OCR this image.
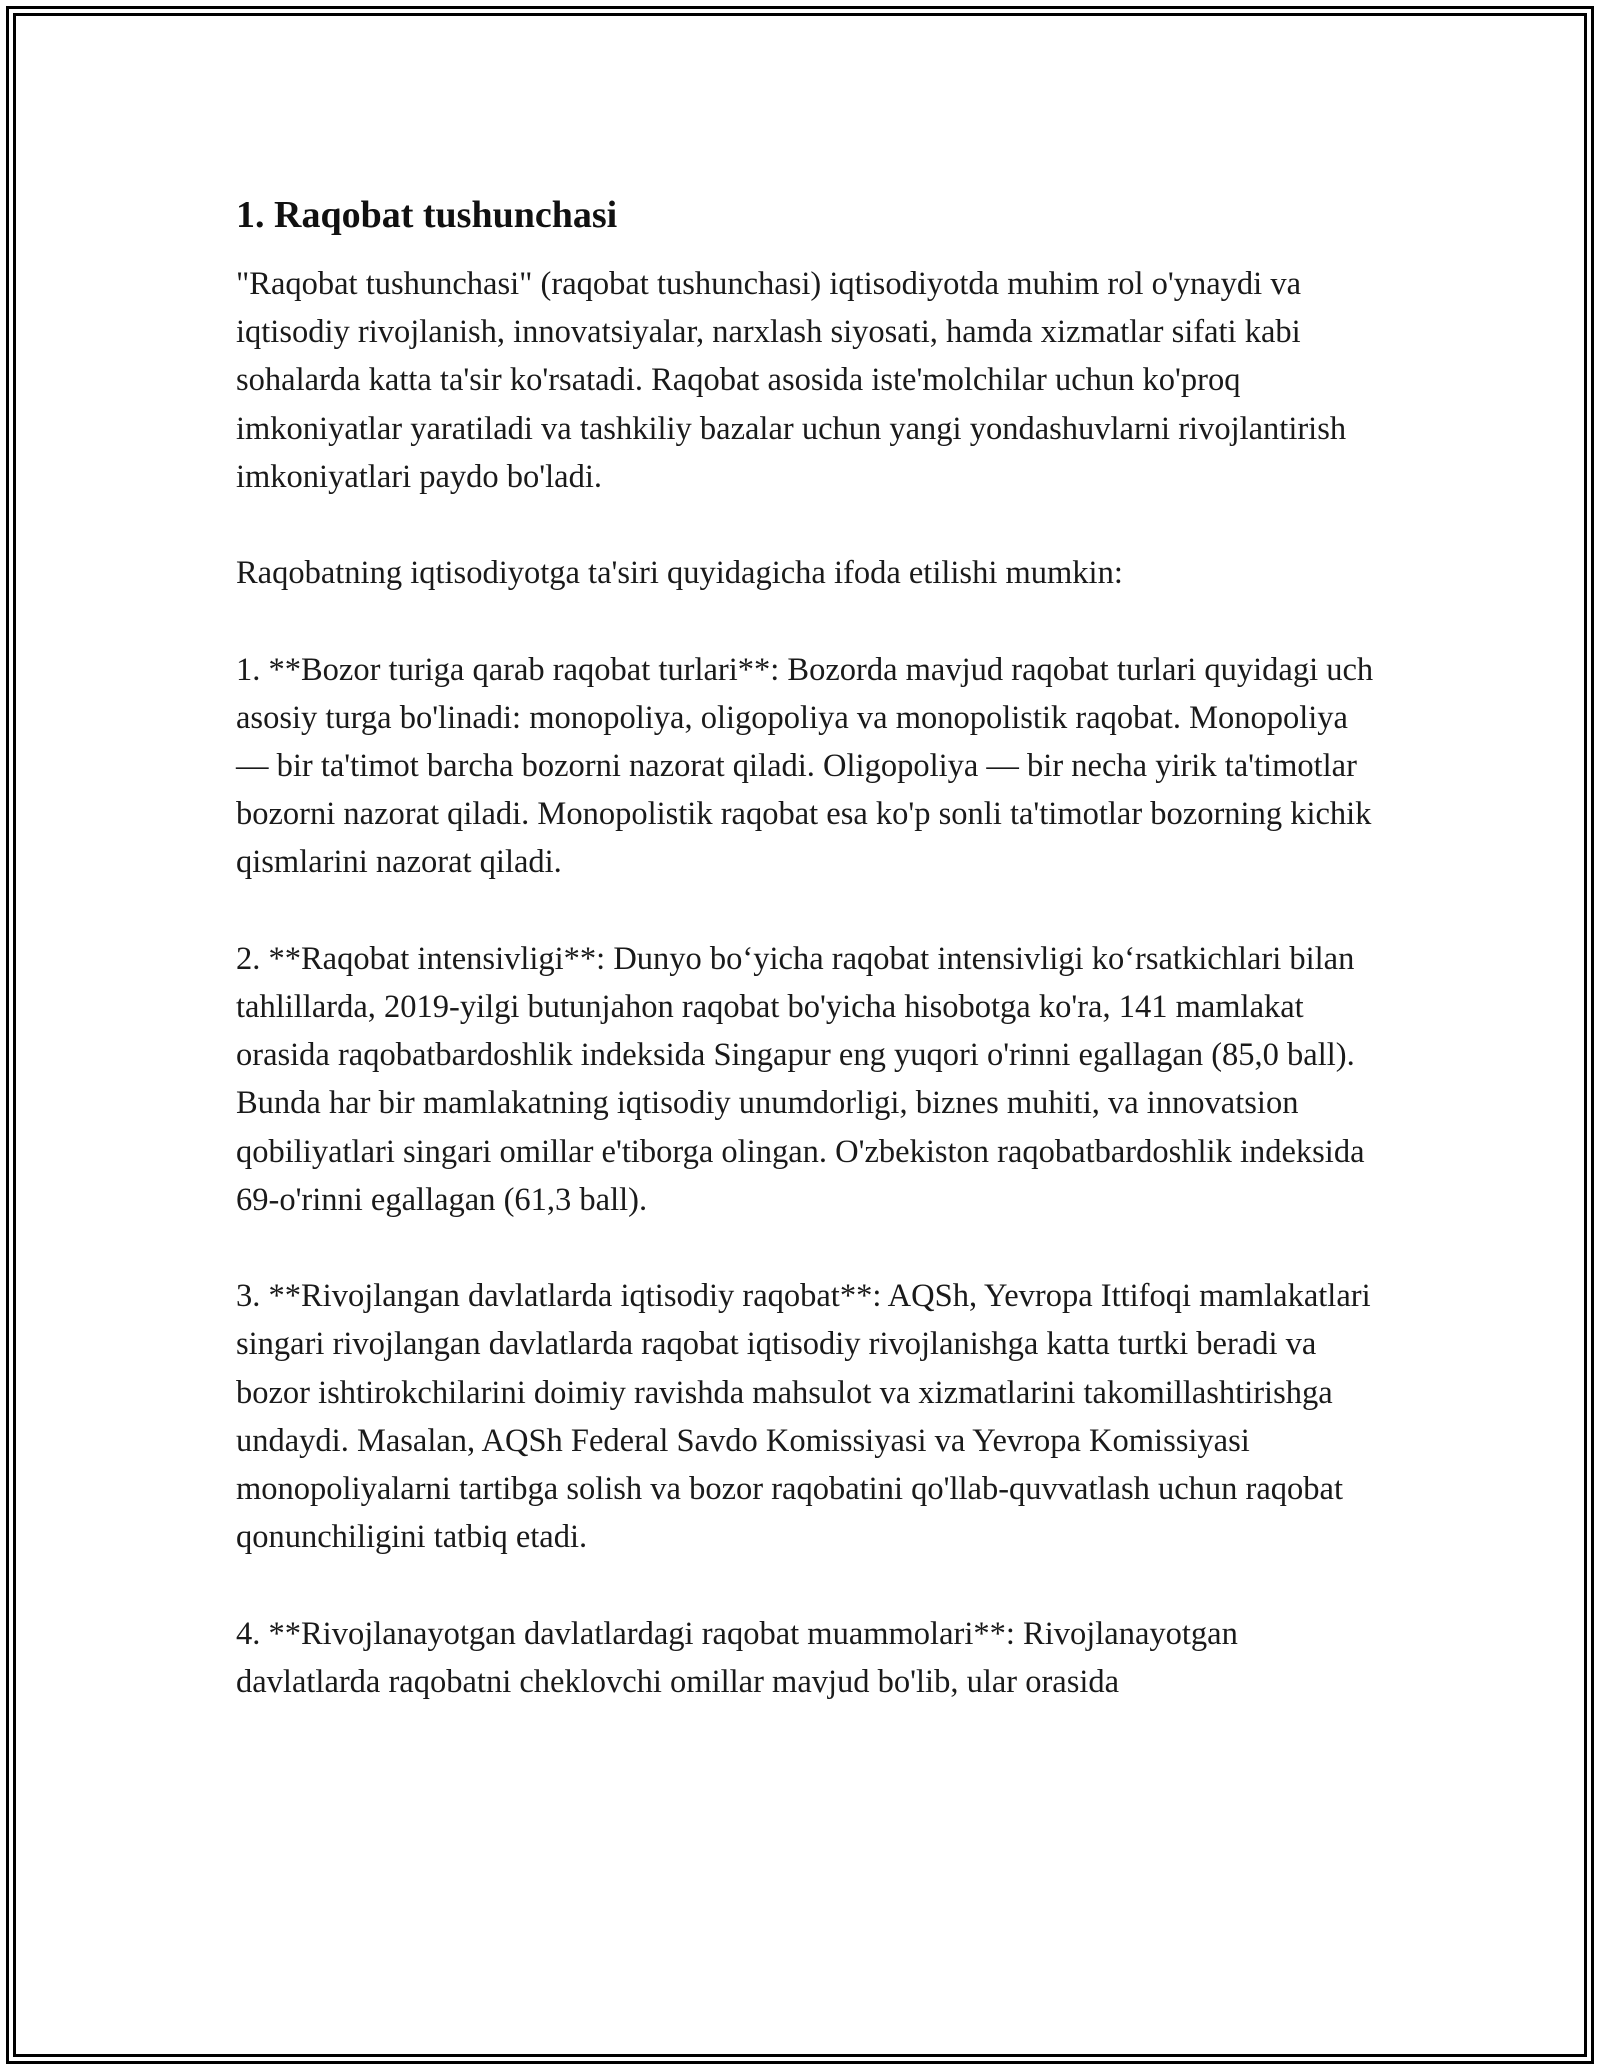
1. Raqobat tushunchasi

"Raqobat tushunchasi" (raqobat tushunchasi) iqtisodiyotda muhim rol o'ynaydi va iqtisodiy rivojlanish, innovatsiyalar, narxlash siyosati, hamda xizmatlar sifati kabi sohalarda katta ta'sir ko'rsatadi. Raqobat asosida iste'molchilar uchun ko'proq imkoniyatlar yaratiladi va tashkiliy bazalar uchun yangi yondashuvlarni rivojlantirish imkoniyatlari paydo bo'ladi.

Raqobatning iqtisodiyotga ta'siri quyidagicha ifoda etilishi mumkin:

1. **Bozor turiga qarab raqobat turlari**: Bozorda mavjud raqobat turlari quyidagi uch asosiy turga bo'linadi: monopoliya, oligopoliya va monopolistik raqobat. Monopoliya — bir ta'timot barcha bozorni nazorat qiladi. Oligopoliya — bir necha yirik ta'timotlar bozorni nazorat qiladi. Monopolistik raqobat esa ko'p sonli ta'timotlar bozorning kichik qismlarini nazorat qiladi.

2. **Raqobat intensivligi**: Dunyo bo‘yicha raqobat intensivligi ko‘rsatkichlari bilan tahlillarda, 2019-yilgi butunjahon raqobat bo'yicha hisobotga ko'ra, 141 mamlakat orasida raqobatbardoshlik indeksida Singapur eng yuqori o'rinni egallagan (85,0 ball). Bunda har bir mamlakatning iqtisodiy unumdorligi, biznes muhiti, va innovatsion qobiliyatlari singari omillar e'tiborga olingan. O'zbekiston raqobatbardoshlik indeksida 69-o'rinni egallagan (61,3 ball).

3. **Rivojlangan davlatlarda iqtisodiy raqobat**: AQSh, Yevropa Ittifoqi mamlakatlari singari rivojlangan davlatlarda raqobat iqtisodiy rivojlanishga katta turtki beradi va bozor ishtirokchilarini doimiy ravishda mahsulot va xizmatlarini takomillashtirishga undaydi. Masalan, AQSh Federal Savdo Komissiyasi va Yevropa Komissiyasi monopoliyalarni tartibga solish va bozor raqobatini qo'llab-quvvatlash uchun raqobat qonunchiligini tatbiq etadi.

4. **Rivojlanayotgan davlatlardagi raqobat muammolari**: Rivojlanayotgan davlatlarda raqobatni cheklovchi omillar mavjud bo'lib, ular orasida
